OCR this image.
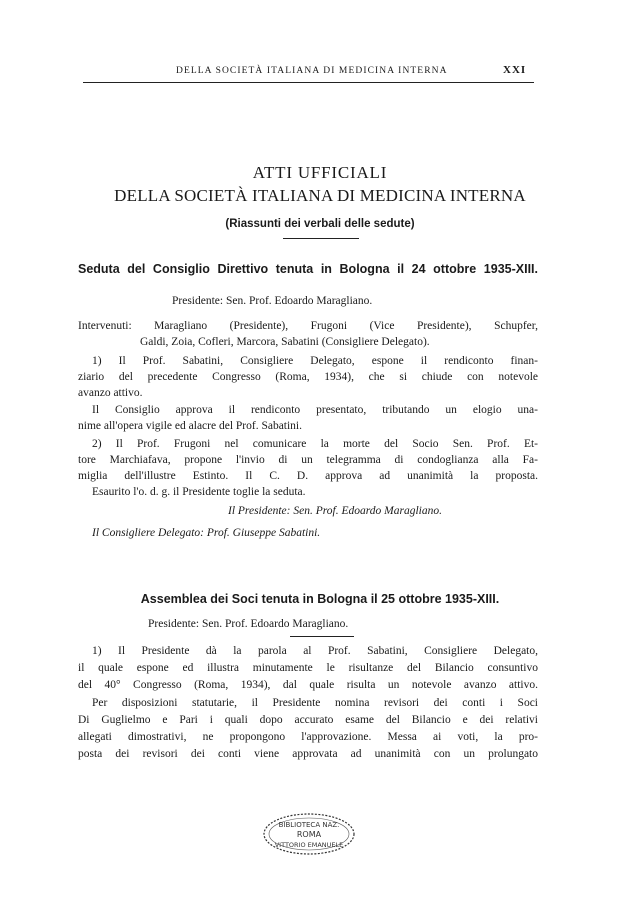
DELLA SOCIETÀ ITALIANA DI MEDICINA INTERNA	XXI
ATTI UFFICIALI
DELLA SOCIETÀ ITALIANA DI MEDICINA INTERNA
(Riassunti dei verbali delle sedute)
Seduta del Consiglio Direttivo tenuta in Bologna il 24 ottobre 1935-XIII.
Presidente: Sen. Prof. Edoardo Maragliano.
Intervenuti: Maragliano (Presidente), Frugoni (Vice Presidente), Schupfer,
Galdi, Zoia, Cofleri, Marcora, Sabatini (Consigliere Delegato).
1) Il Prof. Sabatini, Consigliere Delegato, espone il rendiconto finan-
ziario del precedente Congresso (Roma, 1934), che si chiude con notevole
avanzo attivo.
Il Consiglio approva il rendiconto presentato, tributando un elogio una-
nime all'opera vigile ed alacre del Prof. Sabatini.
2) Il Prof. Frugoni nel comunicare la morte del Socio Sen. Prof. Et-
tore Marchiafava, propone l'invio di un telegramma di condoglianza alla Fa-
miglia dell'illustre Estinto. Il C. D. approva ad unanimità la proposta.
Esaurito l'o. d. g. il Presidente toglie la seduta.
Il Presidente: Sen. Prof. Edoardo Maragliano.
Il Consigliere Delegato: Prof. Giuseppe Sabatini.
Assemblea dei Soci tenuta in Bologna il 25 ottobre 1935-XIII.
Presidente: Sen. Prof. Edoardo Maragliano.
1) Il Presidente dà la parola al Prof. Sabatini, Consigliere Delegato,
il quale espone ed illustra minutamente le risultanze del Bilancio consuntivo
del 40° Congresso (Roma, 1934), dal quale risulta un notevole avanzo attivo.
Per disposizioni statutarie, il Presidente nomina revisori dei conti i Soci
Di Guglielmo e Pari i quali dopo accurato esame del Bilancio e dei relativi
allegati dimostrativi, ne propongono l'approvazione. Messa ai voti, la pro-
posta dei revisori dei conti viene approvata ad unanimità con un prolungato
BIBLIOTECA NAZ.
ROMA
VITTORIO EMANUELE
